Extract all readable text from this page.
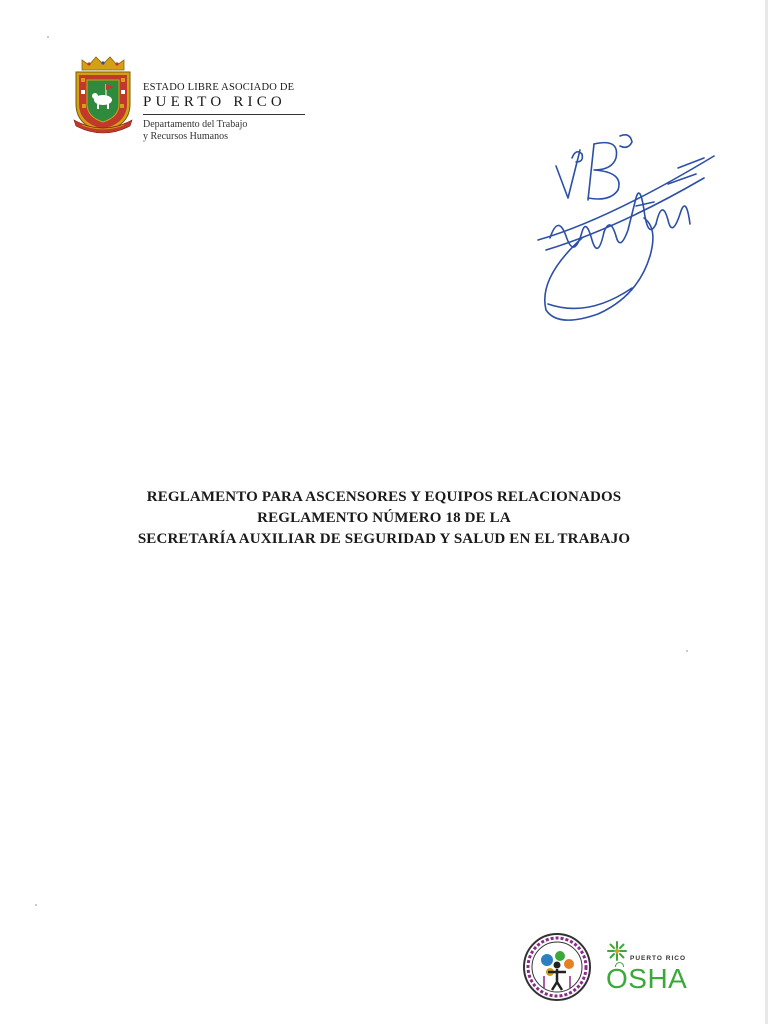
ESTADO LIBRE ASOCIADO DE
PUERTO RICO
Departamento del Trabajo
y Recursos Humanos
REGLAMENTO PARA ASCENSORES Y EQUIPOS RELACIONADOS
REGLAMENTO NÚMERO 18 DE LA
SECRETARÍA AUXILIAR DE SEGURIDAD Y SALUD EN EL TRABAJO
PUERTO RICO
OSHA
